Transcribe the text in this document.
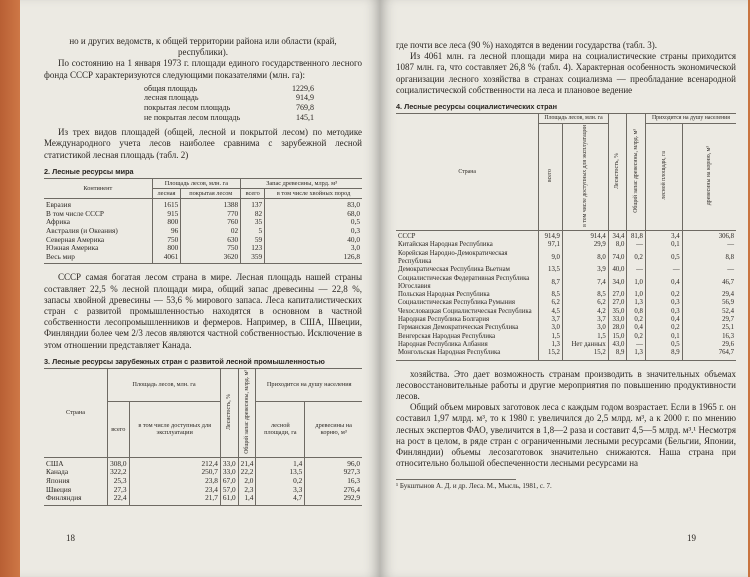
но и других ведомств, к общей территории района или области (край, республики).

По состоянию на 1 января 1973 г. площади единого государственного лесного фонда СССР характеризуются следующими показателями (млн. га):

общая площадь	1229,6
лесная площадь	914,9
покрытая лесом площадь	769,8
не покрытая лесом площадь	145,1

Из трех видов площадей (общей, лесной и покрытой лесом) по методике Международного учета лесов наиболее сравнима с зарубежной лесной статистикой лесная площадь (табл. 2)

2. Лесные ресурсы мира
Континент	Площадь лесов, млн. га		Запас древесины, млрд. м³	
	лесная	покрытая лесом	всего	в том числе хвойных пород
Евразия	1615	1388	137	83,0
В том числе СССР	915	770	82	68,0
Африка	800	760	35	0,5
Австралия (и Океания)	96	02	5	0,3
Северная Америка	750	630	59	40,0
Южная Америка	800	750	123	3,0
Весь мир	4061	3620	359	126,8

СССР самая богатая лесом страна в мире. Лесная площадь нашей страны составляет 22,5 % лесной площади мира, общий запас древесины — 22,8 %, запасы хвойной древесины — 53,6 % мирового запаса. Леса капиталистических стран с развитой промышленностью находятся в основном в частной собственности лесопромышленников и фермеров. Например, в США, Швеции, Финляндии более чем 2/3 лесов являются частной собственностью. Исключение в этом отношении представляет Канада.

3. Лесные ресурсы зарубежных стран с развитой лесной промышленностью
Страна	Площадь лесов, млн. га		Лесистость, %	Общий запас древесины, млрд. м³	Приходится на душу населения	
	всего	в том числе доступных для эксплуатации			лесной площади, га	древесины на корню, м³
США	308,0	212,4	33,0	21,4	1,4	96,0
Канада	322,2	250,7	33,0	22,2	13,5	927,3
Япония	25,3	23,8	67,0	2,0	0,2	16,3
Швеция	27,3	23,4	57,0	2,3	3,3	276,4
Финляндия	22,4	21,7	61,0	1,4	4,7	292,9
18

где почти все леса (90 %) находятся в ведении государства (табл. 3).

Из 4061 млн. га лесной площади мира на социалистические страны приходится 1087 млн. га, что составляет 26,8 % (табл. 4). Характерная особенность экономической организации лесного хозяйства в странах социализма — преобладание всенародной социалистической собственности на леса и плановое ведение

4. Лесные ресурсы социалистических стран
Страна	Площадь лесов, млн. га		Лесистость, %	Общий запас древесины, млрд. м³	Приходится на душу населения	
	всего	в том числе доступных для эксплуатации			лесной площади, га	древесины на корню, м³
СССР	914,9	914,4	34,4	81,8	3,4	306,8
Китайская Народная Республика	97,1	29,9	8,0	—	0,1	—
Корейская Народно-Демократическая Республика	9,0	8,0	74,0	0,2	0,5	8,8
Демократическая Республика Вьетнам	13,5	3,9	40,0	—	—	—
Социалистическая Федеративная Республика Югославия	8,7	7,4	34,0	1,0	0,4	46,7
Польская Народная Республика	8,5	8,5	27,0	1,0	0,2	29,4
Социалистическая Республика Румыния	6,2	6,2	27,0	1,3	0,3	56,9
Чехословацкая Социалистическая Республика	4,5	4,2	35,0	0,8	0,3	52,4
Народная Республика Болгария	3,7	3,7	33,0	0,2	0,4	29,7
Германская Демократическая Республика	3,0	3,0	28,0	0,4	0,2	25,1
Венгерская Народная Республика	1,5	1,5	15,0	0,2	0,1	16,3
Народная Республика Албания	1,3	Нет данных	43,0	—	0,5	29,6
Монгольская Народная Республика	15,2	15,2	8,9	1,3	8,9	764,7

хозяйства. Это дает возможность странам производить в значительных объемах лесовосстановительные работы и другие мероприятия по повышению продуктивности лесов.

Общий объем мировых заготовок леса с каждым годом возрастает. Если в 1965 г. он составил 1,97 млрд. м³, то к 1980 г. увеличился до 2,5 млрд. м³, а к 2000 г. по мнению лесных экспертов ФАО, увеличится в 1,8—2 раза и составит 4,5—5 млрд. м³.¹ Несмотря на рост в целом, в ряде стран с ограниченными лесными ресурсами (Бельгии, Японии, Финляндии) объемы лесозаготовок значительно снижаются. Наша страна при относительно большой обеспеченности лесными ресурсами на

¹ Букштынов А. Д. и др. Леса. М., Мысль, 1981, с. 7.
19
